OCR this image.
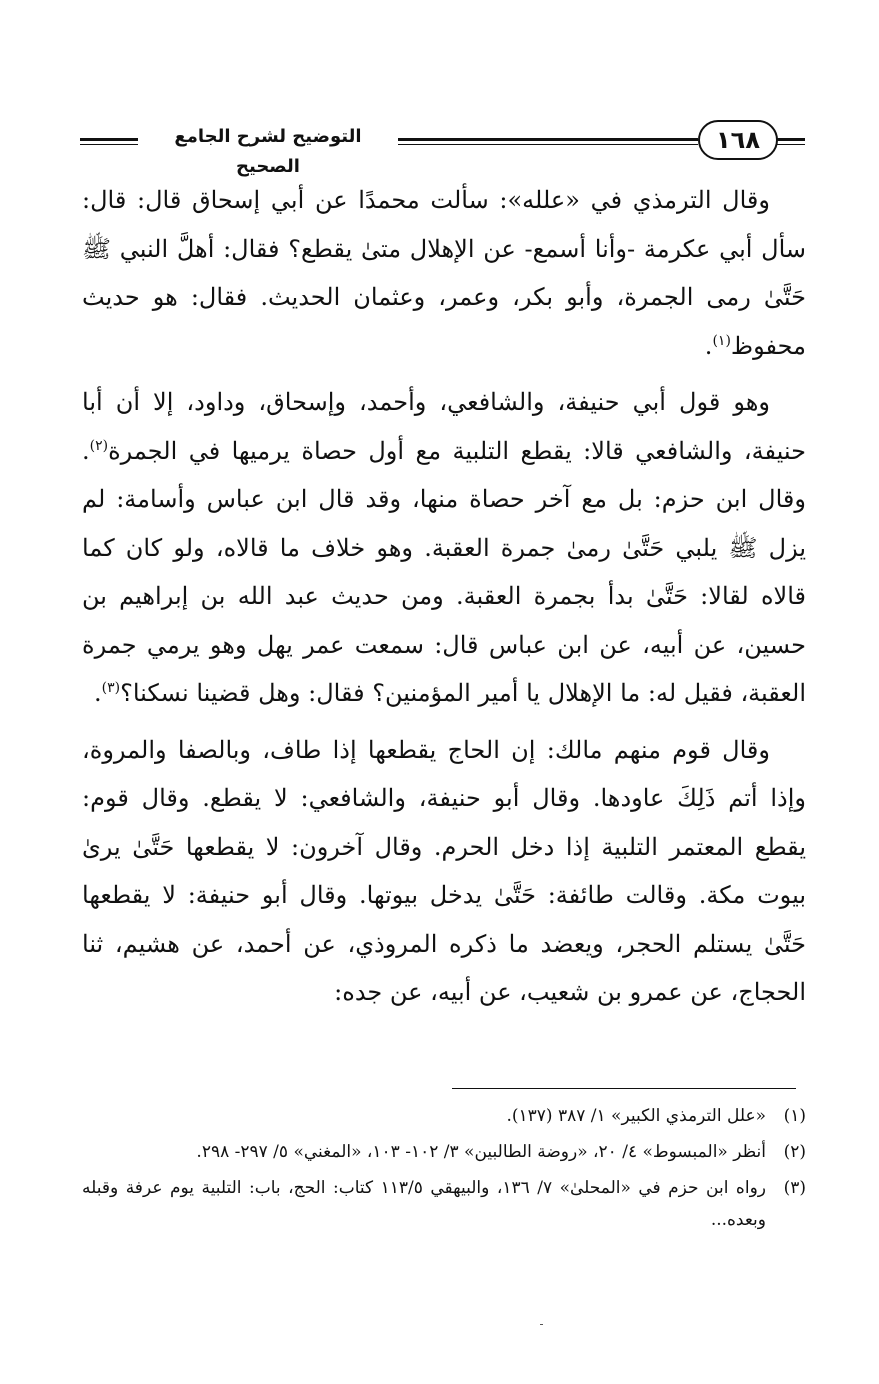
التوضيح لشرح الجامع الصحيح
١٦٨

وقال الترمذي في «علله»: سألت محمدًا عن أبي إسحاق قال: قال: سأل أبي عكرمة -وأنا أسمع- عن الإهلال متىٰ يقطع؟ فقال: أهلَّ النبي ﷺ حَتَّىٰ رمى الجمرة، وأبو بكر، وعمر، وعثمان الحديث. فقال: هو حديث محفوظ$^{(١)}$.

وهو قول أبي حنيفة، والشافعي، وأحمد، وإسحاق، وداود، إلا أن أبا حنيفة، والشافعي قالا: يقطع التلبية مع أول حصاة يرميها في الجمرة$^{(٢)}$. وقال ابن حزم: بل مع آخر حصاة منها، وقد قال ابن عباس وأسامة: لم يزل ﷺ يلبي حَتَّىٰ رمىٰ جمرة العقبة. وهو خلاف ما قالاه، ولو كان كما قالاه لقالا: حَتَّىٰ بدأ بجمرة العقبة. ومن حديث عبد الله بن إبراهيم بن حسين، عن أبيه، عن ابن عباس قال: سمعت عمر يهل وهو يرمي جمرة العقبة، فقيل له: ما الإهلال يا أمير المؤمنين؟ فقال: وهل قضينا نسكنا؟$^{(٣)}$.

وقال قوم منهم مالك: إن الحاج يقطعها إذا طاف، وبالصفا والمروة، وإذا أتم ذَلِكَ عاودها. وقال أبو حنيفة، والشافعي: لا يقطع. وقال قوم: يقطع المعتمر التلبية إذا دخل الحرم. وقال آخرون: لا يقطعها حَتَّىٰ يرىٰ بيوت مكة. وقالت طائفة: حَتَّىٰ يدخل بيوتها. وقال أبو حنيفة: لا يقطعها حَتَّىٰ يستلم الحجر، ويعضد ما ذكره المروذي، عن أحمد، عن هشيم، ثنا الحجاج، عن عمرو بن شعيب، عن أبيه، عن جده:

(١)
«علل الترمذي الكبير» ١/ ٣٨٧ (١٣٧).
(٢)
أنظر «المبسوط» ٤/ ٢٠، «روضة الطالبين» ٣/ ١٠٢- ١٠٣، «المغني» ٥/ ٢٩٧- ٢٩٨.
(٣)
رواه ابن حزم في «المحلىٰ» ٧/ ١٣٦، والبيهقي ١١٣/٥ كتاب: الحج، باب: التلبية يوم عرفة وقبله وبعده...
